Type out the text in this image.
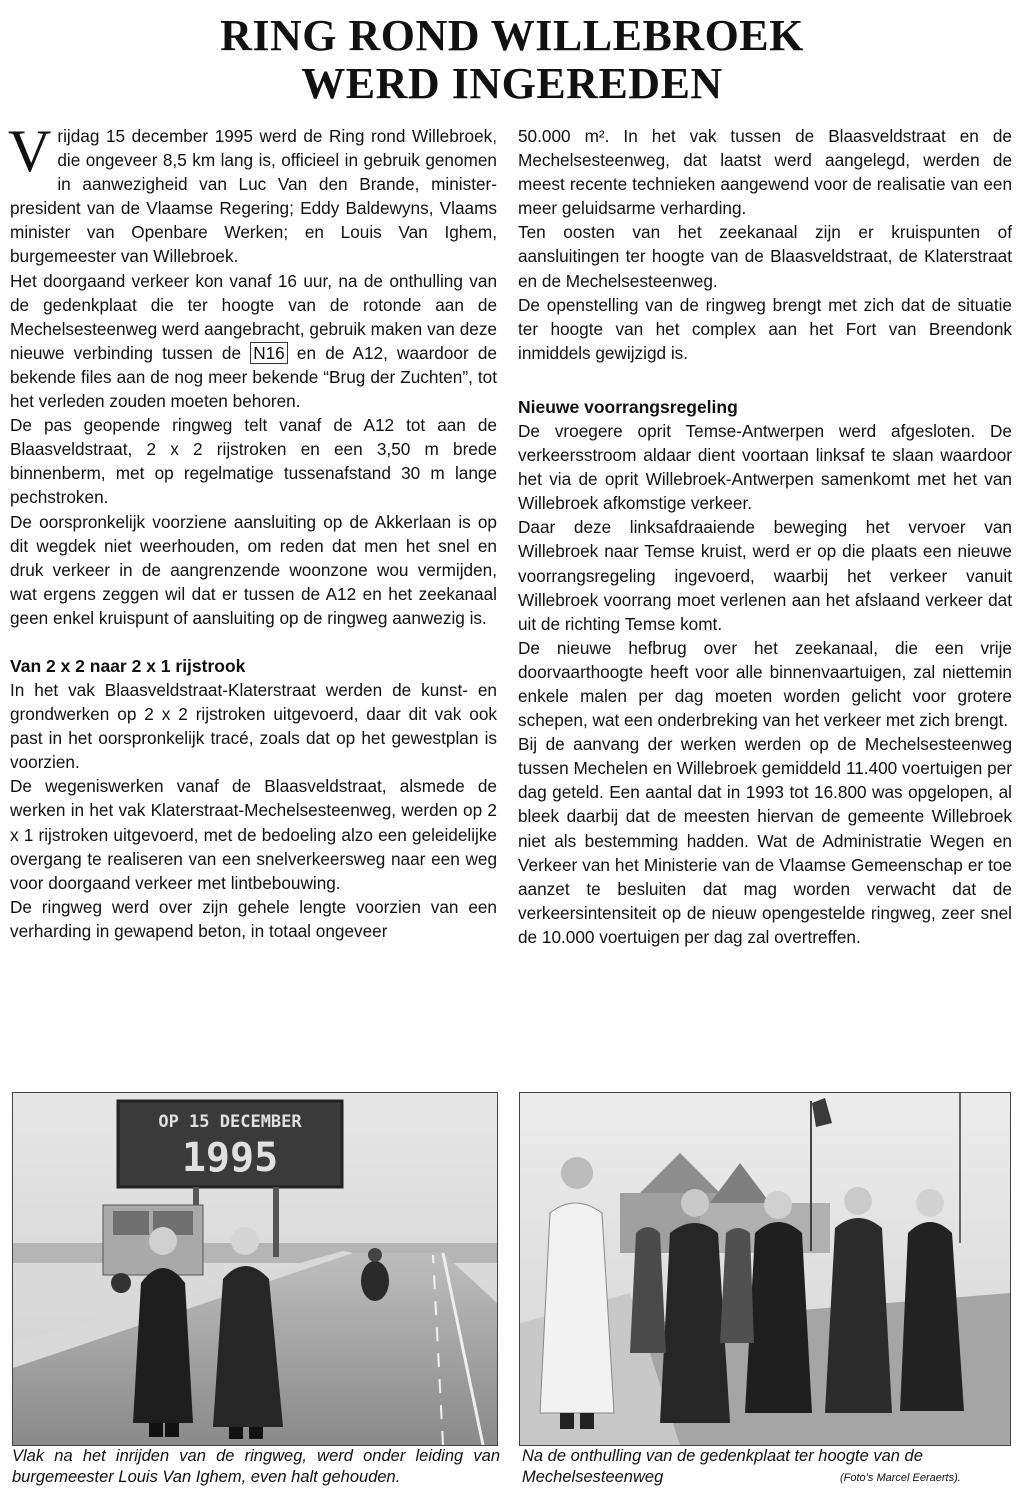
RING ROND WILLEBROEK
WERD INGEREDEN

Vrijdag 15 december 1995 werd de Ring rond Willebroek, die ongeveer 8,5 km lang is, officieel in gebruik genomen in aanwezigheid van Luc Van den Brande, minister-president van de Vlaamse Regering; Eddy Baldewyns, Vlaams minister van Openbare Werken; en Louis Van Ighem, burgemeester van Willebroek.

Het doorgaand verkeer kon vanaf 16 uur, na de onthulling van de gedenkplaat die ter hoogte van de rotonde aan de Mechelsesteenweg werd aangebracht, gebruik maken van deze nieuwe verbinding tussen de N16 en de A12, waardoor de bekende files aan de nog meer bekende “Brug der Zuchten”, tot het verleden zouden moeten behoren.

De pas geopende ringweg telt vanaf de A12 tot aan de Blaasveldstraat, 2 x 2 rijstroken en een 3,50 m brede binnenberm, met op regelmatige tussenafstand 30 m lange pechstroken.

De oorspronkelijk voorziene aansluiting op de Akkerlaan is op dit wegdek niet weerhouden, om reden dat men het snel en druk verkeer in de aangrenzende woonzone wou vermijden, wat ergens zeggen wil dat er tussen de A12 en het zeekanaal geen enkel kruispunt of aansluiting op de ringweg aanwezig is.

Van 2 x 2 naar 2 x 1 rijstrook

In het vak Blaasveldstraat-Klaterstraat werden de kunst- en grondwerken op 2 x 2 rijstroken uitgevoerd, daar dit vak ook past in het oorspronkelijk tracé, zoals dat op het gewestplan is voorzien.

De wegeniswerken vanaf de Blaasveldstraat, alsmede de werken in het vak Klaterstraat-Mechelsesteenweg, werden op 2 x 1 rijstroken uitgevoerd, met de bedoeling alzo een geleidelijke overgang te realiseren van een snelverkeersweg naar een weg voor doorgaand verkeer met lintbebouwing.

De ringweg werd over zijn gehele lengte voorzien van een verharding in gewapend beton, in totaal ongeveer

50.000 m². In het vak tussen de Blaasveldstraat en de Mechelsesteenweg, dat laatst werd aangelegd, werden de meest recente technieken aangewend voor de realisatie van een meer geluidsarme verharding.

Ten oosten van het zeekanaal zijn er kruispunten of aansluitingen ter hoogte van de Blaasveldstraat, de Klaterstraat en de Mechelsesteenweg.

De openstelling van de ringweg brengt met zich dat de situatie ter hoogte van het complex aan het Fort van Breendonk inmiddels gewijzigd is.

Nieuwe voorrangsregeling

De vroegere oprit Temse-Antwerpen werd afgesloten. De verkeersstroom aldaar dient voortaan linksaf te slaan waardoor het via de oprit Willebroek-Antwerpen samenkomt met het van Willebroek afkomstige verkeer.

Daar deze linksafdraaiende beweging het vervoer van Willebroek naar Temse kruist, werd er op die plaats een nieuwe voorrangsregeling ingevoerd, waarbij het verkeer vanuit Willebroek voorrang moet verlenen aan het afslaand verkeer dat uit de richting Temse komt.

De nieuwe hefbrug over het zeekanaal, die een vrije doorvaarthoogte heeft voor alle binnenvaartuigen, zal niettemin enkele malen per dag moeten worden gelicht voor grotere schepen, wat een onderbreking van het verkeer met zich brengt.

Bij de aanvang der werken werden op de Mechelsesteenweg tussen Mechelen en Willebroek gemiddeld 11.400 voertuigen per dag geteld. Een aantal dat in 1993 tot 16.800 was opgelopen, al bleek daarbij dat de meesten hiervan de gemeente Willebroek niet als bestemming hadden. Wat de Administratie Wegen en Verkeer van het Ministerie van de Vlaamse Gemeenschap er toe aanzet te besluiten dat mag worden verwacht dat de verkeersintensiteit op de nieuw opengestelde ringweg, zeer snel de 10.000 voertuigen per dag zal overtreffen.

OP 15 DECEMBER
1995
Vlak na het inrijden van de ringweg, werd onder leiding van burgemeester Louis Van Ighem, even halt gehouden.
Na de onthulling van de gedenkplaat ter hoogte van de Mechelsesteenweg	(Foto’s Marcel Eeraerts).
